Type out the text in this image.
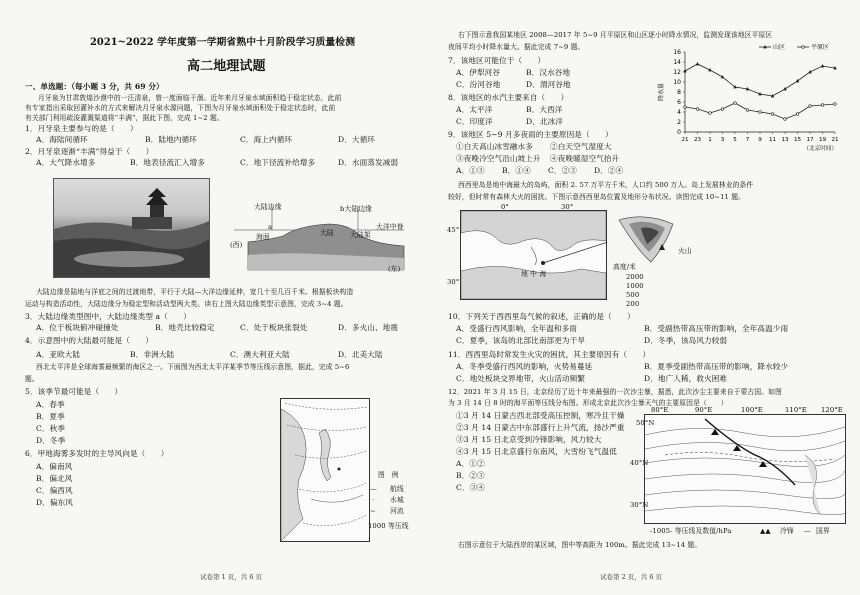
2021~2022 学年度第一学期省熟中十月阶段学习质量检测
高二地理试题
一、单选题：（每小题 3 分，共 69 分）
月牙泉为甘肃敦煌沙漠中的一汪清泉，曾一度面临干涸。近年来月牙泉水域面积趋于稳定状态，此前
有专家指出采取回灌补水的方式来解决月牙泉水源问题，下图为月牙泉水域面积处于稳定状态时，此前
有关部门利用疏浚灌溉渠道将“丰满”，据此下图，完成 1~2 题。
1．月牙泉主要参与的是（　　）
A．海陆间循环	B．陆地内循环	C．海上内循环	D．大循环
2．月牙泉逐渐“丰满”得益于（　　）
A．大气降水增多	B．地表径流汇入增多	C．地下径流补给增多	D．水面蒸发减弱
大陆边缘	b大陆边缘
a
海面	大陆 大陆架
大洋中脊
(西)
(东)
大陆边缘是陆地与洋底之间的过渡地带，平行于大陆—大洋边缘延伸，宽几十至几百千米。根据板块构造
运动与构造活动性，大陆边缘分为稳定型和活动型两大类。读右上图大陆边缘类型示意图，完成 3~4 题。
3．大陆边缘类型图中，大陆边缘类型 a（　　）
A．位于板块俯冲碰撞处	B．地壳比较稳定	C．处于板块张裂处	D．多火山、地震
4．示意图中的大陆最可能是（　　）
A．亚欧大陆	B．非洲大陆	C．澳大利亚大陆	D．北美大陆
西北太平洋是全球海雾最频繁的海区之一。下面图为西北太平洋某季节等压线示意图，据此，完成 5~6
题。
5．该季节最可能是（　　）
A．春季
B．夏季
C．秋季
D．冬季
6．甲地海雾多发时的主导风向是（　　）
A．偏南风
B．偏北风
C．偏西风
D．偏东风
图　例
— 航线
· 水城
~ 河流
1000 等压线
试卷第 1 页，共 6 页
右下图示意我国某地区 2008—2017 年 5~9 月平原区和山区逐小时降水情况，监测发现该地区平原区
夜间平均小时降水量大。据此完成 7~9 题。
7．该地区可能位于（　　）
A．伊犁河谷	B．汉水谷地
C．汾河谷地	D．渭河谷地
8．该地区的水汽主要来自（　　）
A．太平洋	B．大西洋
C．印度洋	D．北冰洋
9．该地区 5~9 月多夜雨的主要原因是（　　）
①白天高山冰雪融水多 ②白天空气湿度大
③夜晚冷空气沿山坡上升 ④夜晚暖湿空气抬升
A．①③ B．①④ C．②③ D．②④
山区	平原区
0
2
4
6
8
10
12
14
16
21 23 1 3 5 7 9 11 13 15 17 19 21
（北京时间）
降水量
西西里岛是地中海最大的岛屿，面积 2. 57 万平方千米，人口约 500 万人。岛上发展林业的条件
较好，但时常有森林大火的困扰。下图示意西西里岛位置及地形分布状况。读图完成 10~11 题。
0°
45°
地 中 海
30°
30°
高度/米
2000
1000
500
200
火山
10．下列关于西西里岛气候的叙述，正确的是（　　）
A．受盛行西风影响，全年温和多雨	B．受副热带高压带的影响，全年高温少雨
C．夏季，该岛的北部比南部更为干旱	D．冬季，该岛风力较弱
11．西西里岛时常发生火灾的困扰，其主要原因有（　　）
A．冬季受盛行西风的影响，火势易蔓延	B．夏季受副热带高压带的影响，降水较少
C．地处板块交界地带，火山活动频繁	D．地广人稀，救火困难
12．2021 年 3 月 15 日，北京经历了近十年来最强的一次沙尘暴，据悉，此次沙尘主要来自于蒙古国。如图
为 3 月 14 日 8 时的海平面等压线分布图。形成北京此次沙尘暴天气的主要原因是（　　）
①3 月 14 日蒙古西北部受高压控制，寒冷且干燥
②3 月 14 日蒙古中东部盛行上升气流，扬沙严重
③3 月 15 日北京受到冷锋影响，风力较大
④3 月 15 日北京盛行东南风，大雪纷飞气温低
A．①②
B．②③
C．③④
80°E	90°E	100°E	110°E 120°E
50°N
40°N
30°N
-1005- 等压线及数值/hPa	▲▲ 冷锋 — 国界
右图示意位于大陆西岸的某区域，图中等高距为 100m。据此完成 13~14 题。
试卷第 2 页，共 6 页
